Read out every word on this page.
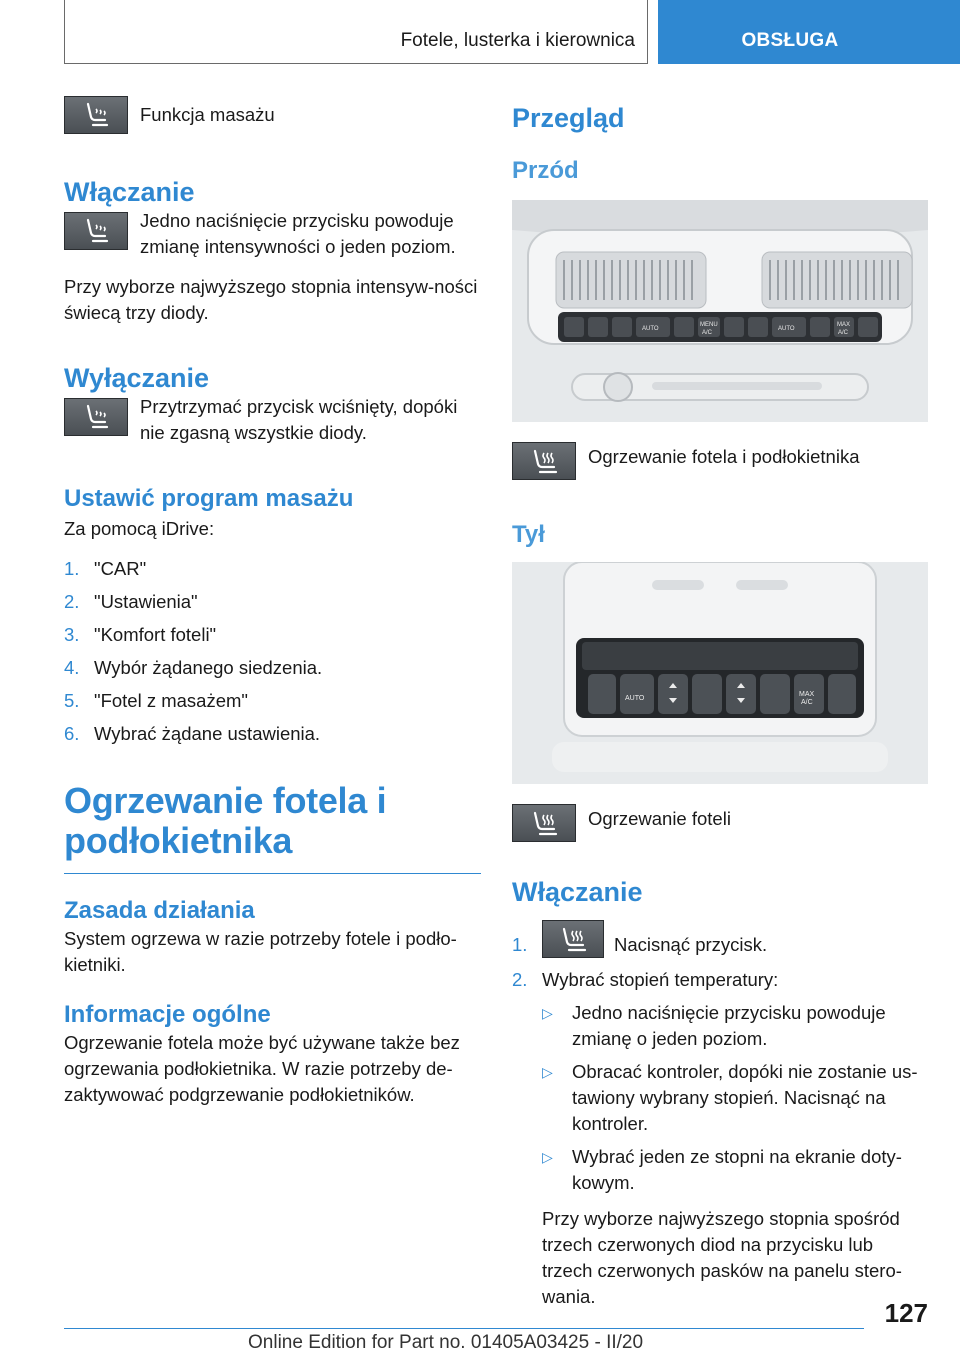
Fotele, lusterka i kierownica	OBSŁUGA

Funkcja masażu

Włączanie

Jedno naciśnięcie przycisku powoduje zmianę intensywności o jeden poziom.

Przy wyborze najwyższego stopnia intensyw-ności świecą trzy diody.

Wyłączanie

Przytrzymać przycisk wciśnięty, dopóki nie zgasną wszystkie diody.

Ustawić program masażu

Za pomocą iDrive:

1. "CAR"
2. "Ustawienia"
3. "Komfort foteli"
4. Wybór żądanego siedzenia.
5. "Fotel z masażem"
6. Wybrać żądane ustawienia.
Ogrzewanie fotela i
podłokietnika
Zasada działania

System ogrzewa w razie potrzeby fotele i podło-kietniki.

Informacje ogólne

Ogrzewanie fotela może być używane także bez ogrzewania podłokietnika. W razie potrzeby de-zaktywować podgrzewanie podłokietników.

Przegląd
Przód
AUTO
MENU
A/C
AUTO
MAX
A/C

Ogrzewanie fotela i podłokietnika

Tył
AUTO
MAX
A/C

Ogrzewanie foteli

Włączanie
1.	Nacisnąć przycisk.
2. Wybrać stopień temperatury:
▷ Jedno naciśnięcie przycisku powoduje zmianę o jeden poziom.
▷ Obracać kontroler, dopóki nie zostanie us-tawiony wybrany stopień. Nacisnąć na kontroler.
▷ Wybrać jeden ze stopni na ekranie doty-kowym.

Przy wyborze najwyższego stopnia spośród trzech czerwonych diod na przycisku lub trzech czerwonych pasków na panelu stero-wania.

127
Online Edition for Part no. 01405A03425 - II/20
